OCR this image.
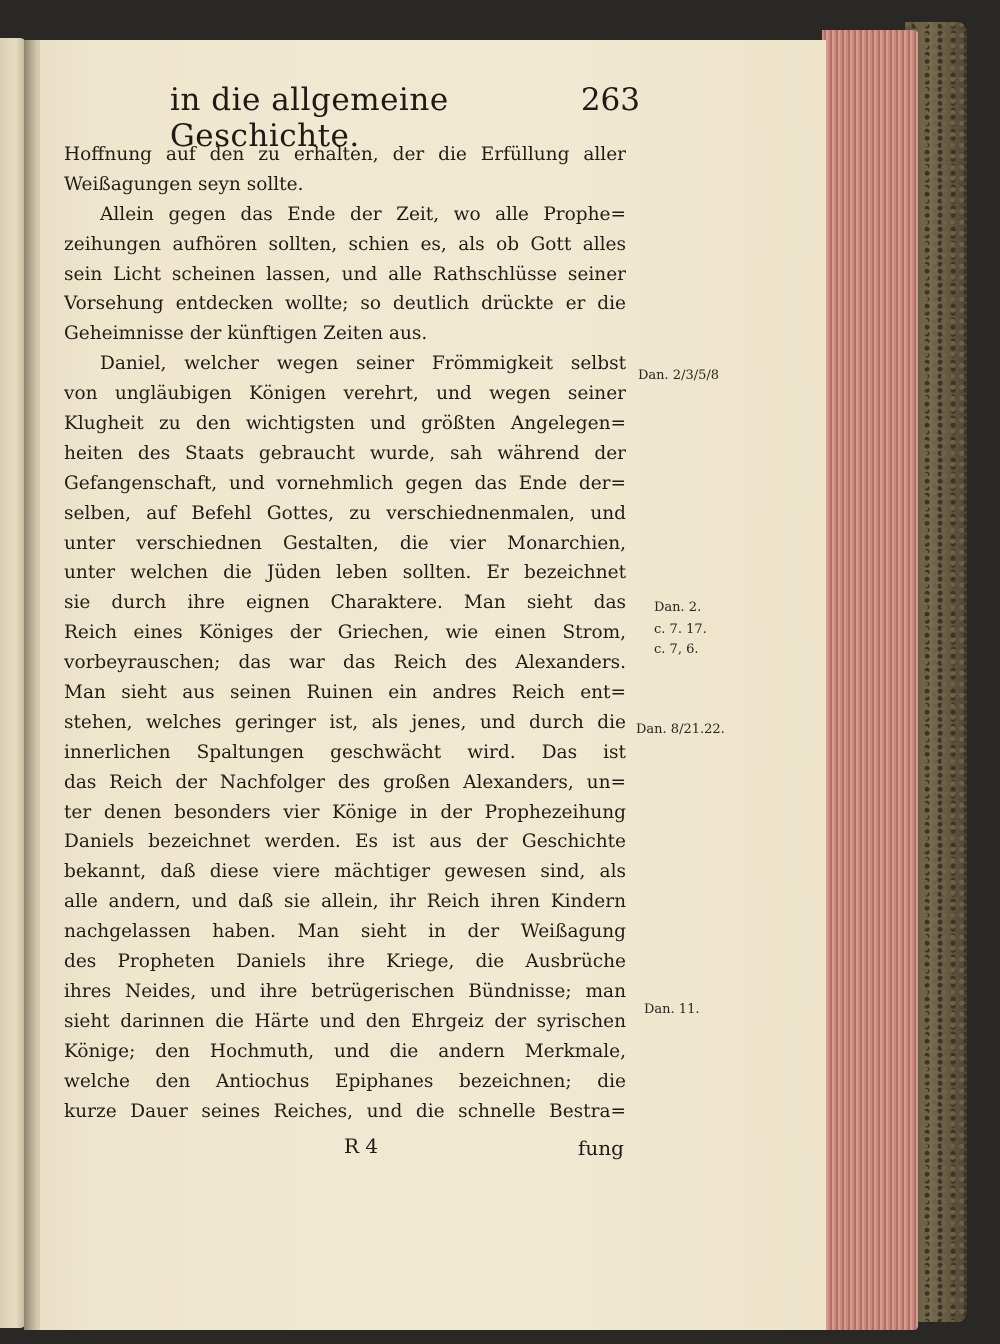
in die allgemeine Geschichte.
263
Hoffnung auf den zu erhalten, der die Erfüllung aller
Weißagungen seyn sollte.
Allein gegen das Ende der Zeit, wo alle Prophe=
zeihungen aufhören sollten, schien es, als ob Gott alles
sein Licht scheinen lassen, und alle Rathschlüsse seiner
Vorsehung entdecken wollte; so deutlich drückte er die
Geheimnisse der künftigen Zeiten aus.
Daniel, welcher wegen seiner Frömmigkeit selbst
von ungläubigen Königen verehrt, und wegen seiner
Klugheit zu den wichtigsten und größten Angelegen=
heiten des Staats gebraucht wurde, sah während der
Gefangenschaft, und vornehmlich gegen das Ende der=
selben, auf Befehl Gottes, zu verschiednenmalen, und
unter verschiednen Gestalten, die vier Monarchien,
unter welchen die Jüden leben sollten. Er bezeichnet
sie durch ihre eignen Charaktere. Man sieht das
Reich eines Königes der Griechen, wie einen Strom,
vorbeyrauschen; das war das Reich des Alexanders.
Man sieht aus seinen Ruinen ein andres Reich ent=
stehen, welches geringer ist, als jenes, und durch die
innerlichen Spaltungen geschwächt wird. Das ist
das Reich der Nachfolger des großen Alexanders, un=
ter denen besonders vier Könige in der Prophezeihung
Daniels bezeichnet werden. Es ist aus der Geschichte
bekannt, daß diese viere mächtiger gewesen sind, als
alle andern, und daß sie allein, ihr Reich ihren Kindern
nachgelassen haben. Man sieht in der Weißagung
des Propheten Daniels ihre Kriege, die Ausbrüche
ihres Neides, und ihre betrügerischen Bündnisse; man
sieht darinnen die Härte und den Ehrgeiz der syrischen
Könige; den Hochmuth, und die andern Merkmale,
welche den Antiochus Epiphanes bezeichnen; die
kurze Dauer seines Reiches, und die schnelle Bestra=
Dan. 2/3/5/8
Dan. 2.
c. 7. 17.
c. 7, 6.
Dan. 8/21.22.
Dan. 11.
R 4	fung
